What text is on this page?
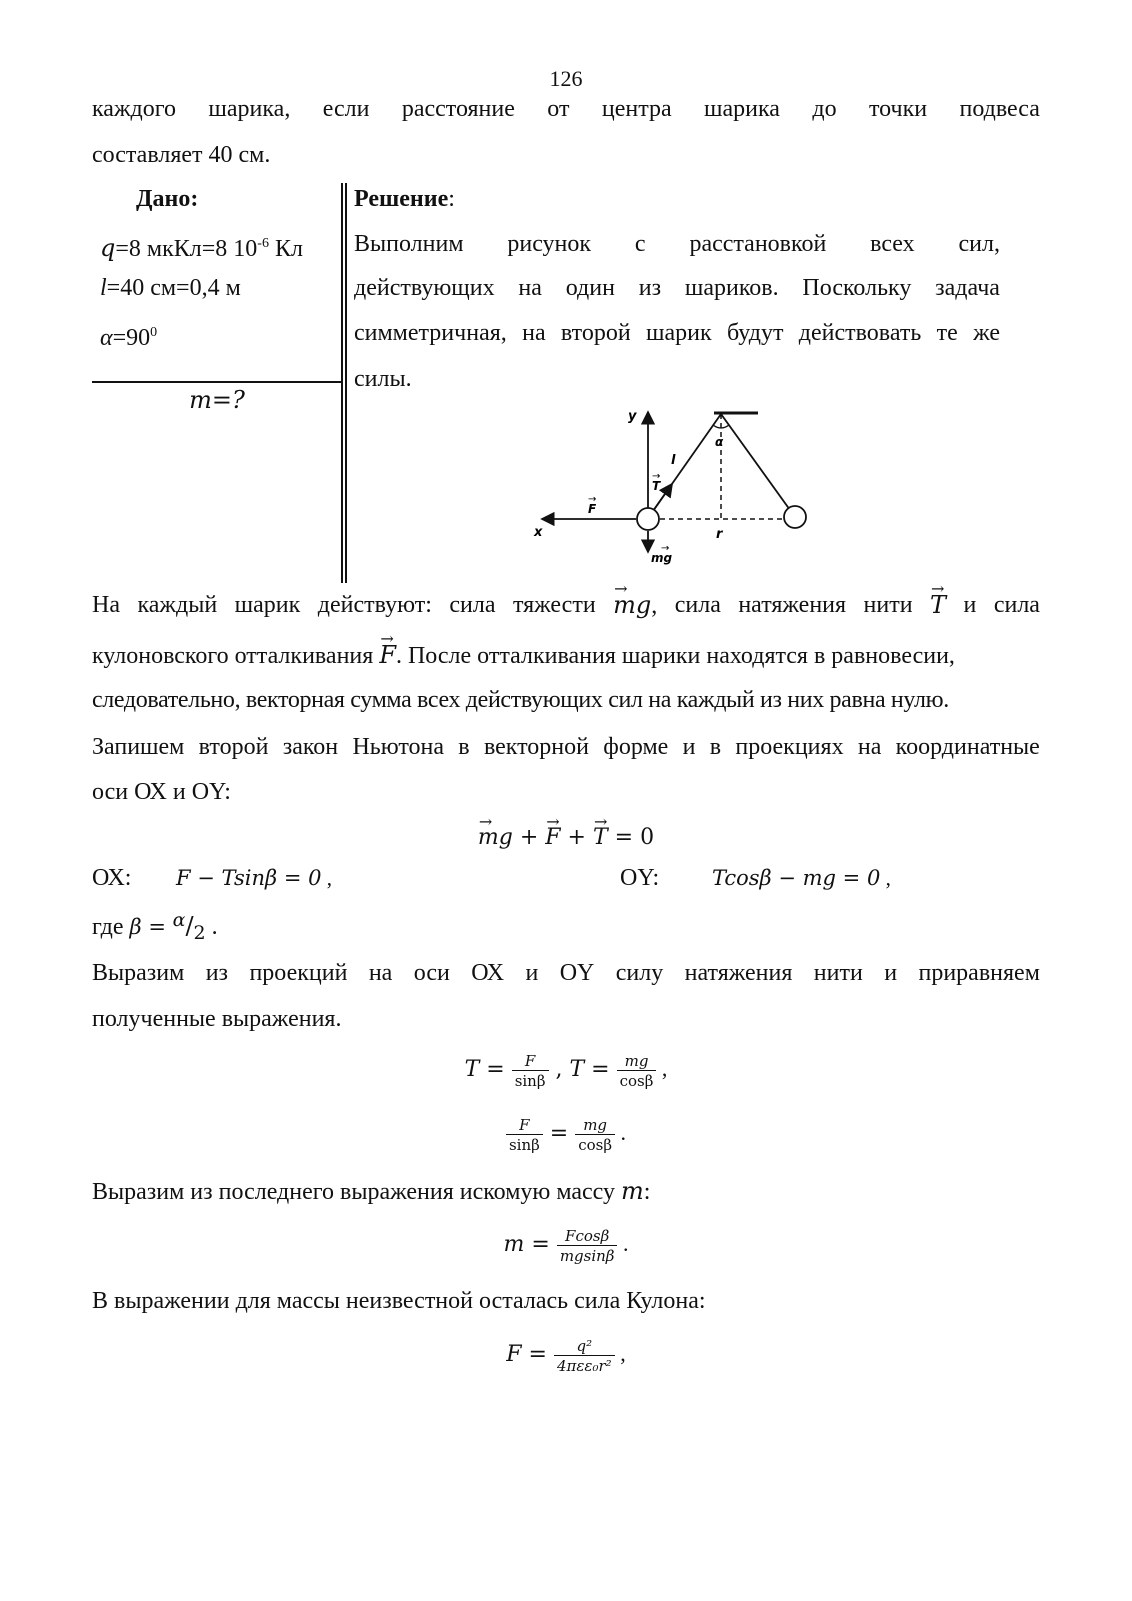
126
каждого шарика, если расстояние от центра шарика до точки подвеса
составляет 40 см.
Дано:
q=8 мкКл=8 $10^{-6}$ Кл
l=40 см=0,4 м
$\alpha=90^0$
m=?
Решение:
Выполним рисунок с расстановкой всех сил,
действующих на один из шариков. Поскольку задача
симметричная, на второй шарик будут действовать те же
силы.
y
x
l
α
T
→
F
→
r
mg
→
На каждый шарик действуют: сила тяжести → mg, сила натяжения нити → T и сила
кулоновского отталкивания → F. После отталкивания шарики находятся в равновесии,
следовательно, векторная сумма всех действующих сил на каждый из них равна нулю.
Запишем второй закон Ньютона в векторной форме и в проекциях на координатные
оси ОХ и ОY:
→ mg + → F + → T = 0
ОХ: F − Tsinβ = 0 ,	ОY:	Tcosβ − mg = 0 ,
где $\beta = ^\alpha/_2$ .
Выразим из проекций на оси ОХ и ОY силу натяжения нити и приравняем
полученные выражения.
$T = \frac{F}{\sin\beta}$ , $T = \frac{mg}{\cos\beta}$ ,
$\frac{F}{\sin\beta} = \frac{mg}{\cos\beta}$ .
Выразим из последнего выражения искомую массу m:
$m = \frac{Fcos\beta}{mgsin\beta}$ .
В выражении для массы неизвестной осталась сила Кулона:
$F = \frac{\text{q²}}{\text{4πεε₀r²}}$ ,
